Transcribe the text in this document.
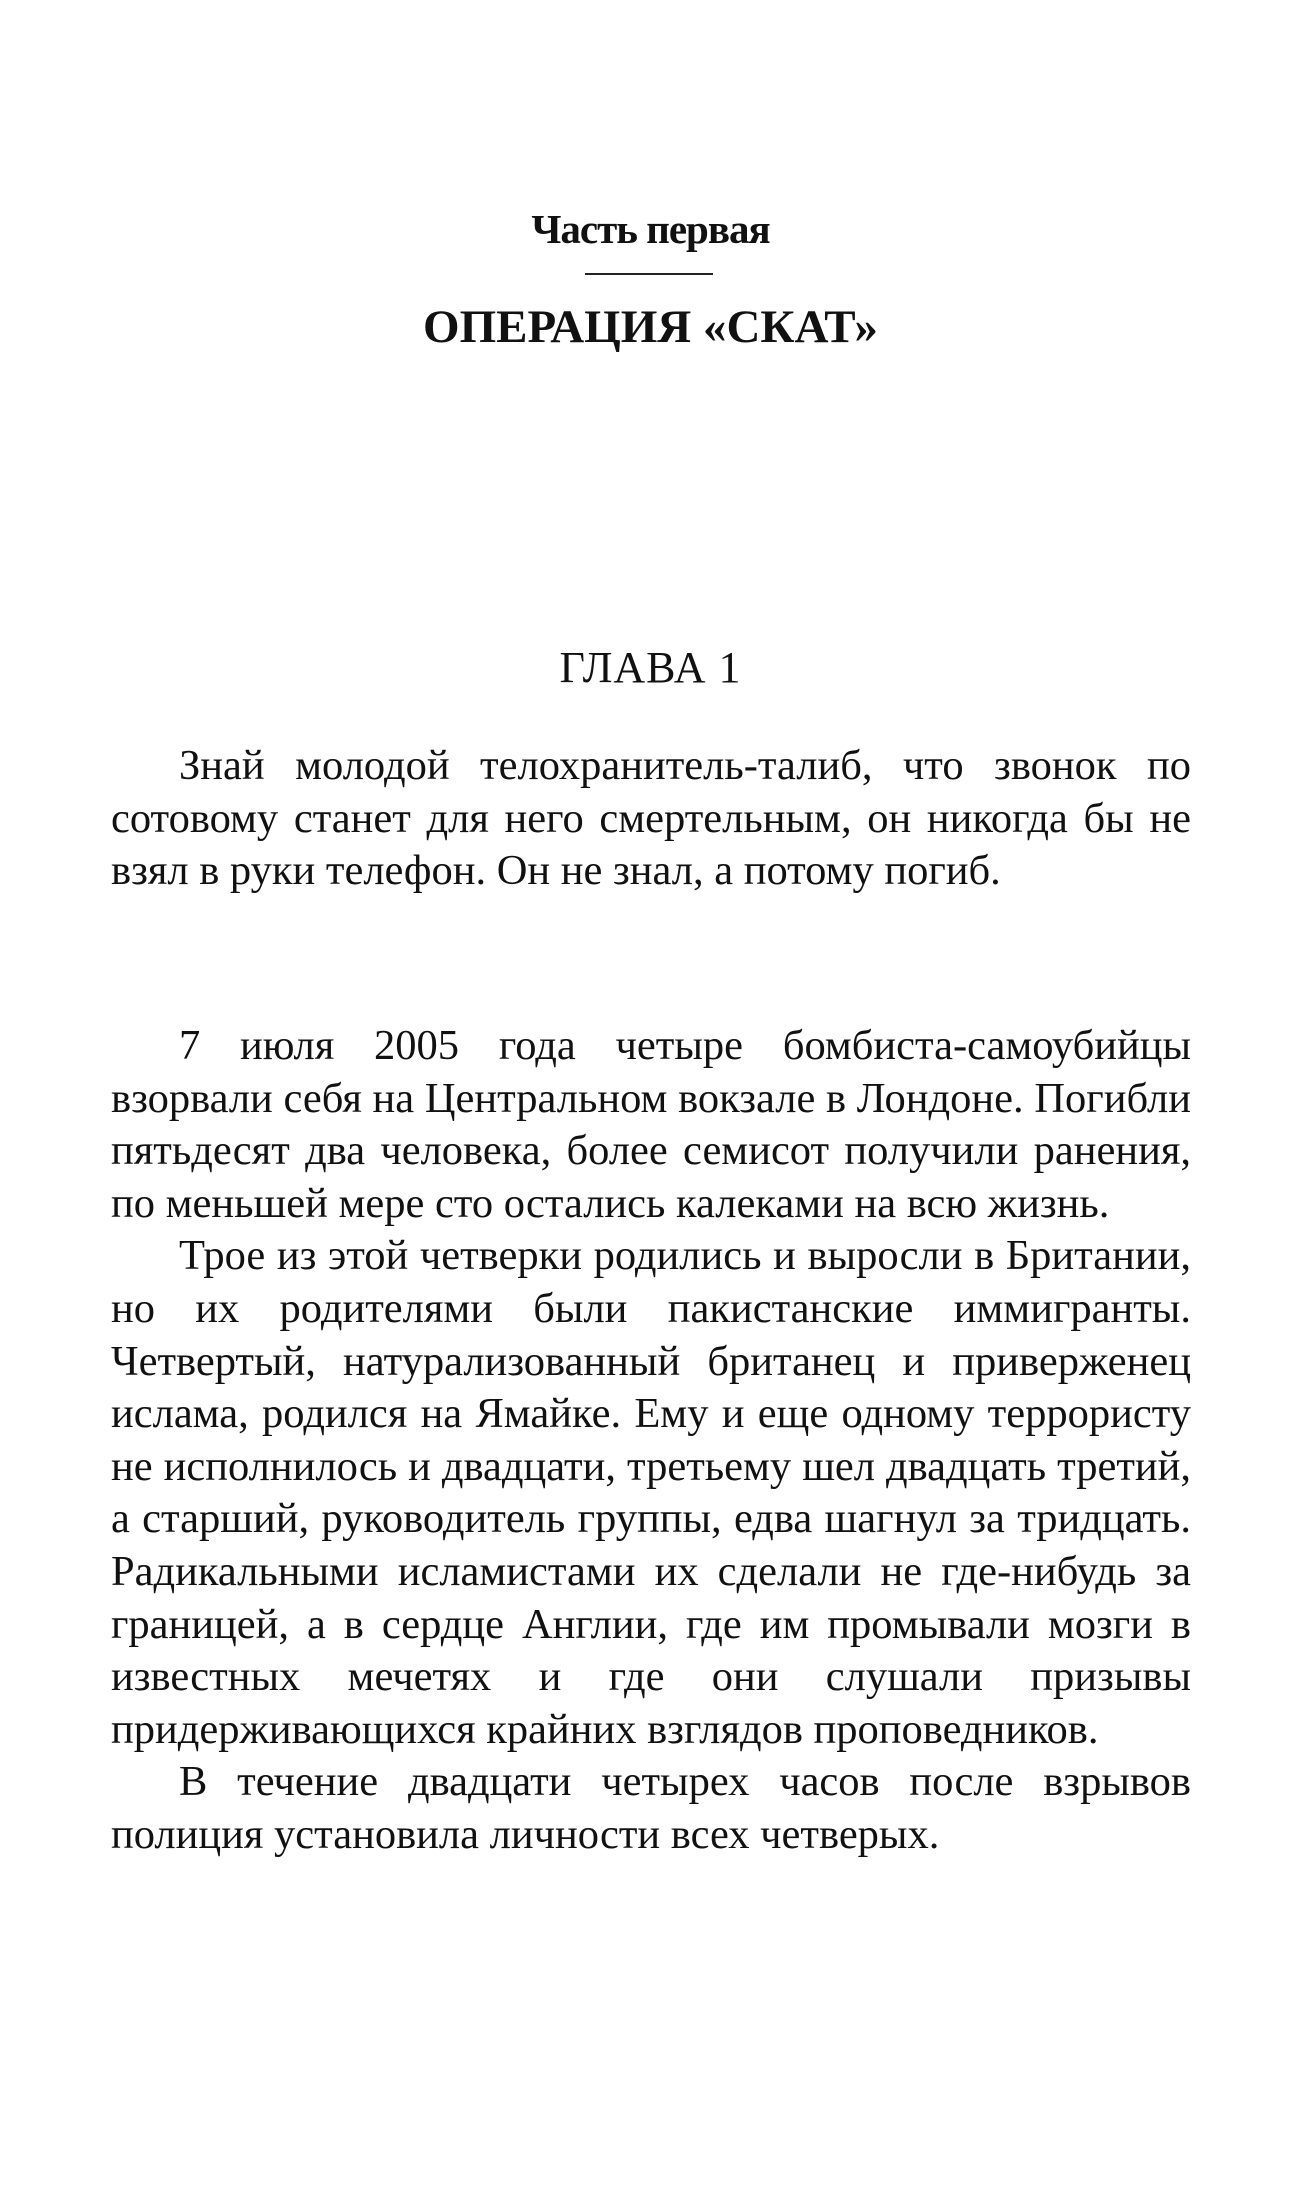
Часть первая
ОПЕРАЦИЯ «СКАТ»
ГЛАВА 1

Знай молодой телохранитель-талиб, что звонок по сотовому станет для него смертельным, он никогда бы не взял в руки телефон. Он не знал, а потому погиб.

7 июля 2005 года четыре бомбиста-самоубийцы взорвали себя на Центральном вокзале в Лондоне. Погибли пятьдесят два человека, более семисот получили ранения, по меньшей мере сто остались калеками на всю жизнь.

Трое из этой четверки родились и выросли в Британии, но их родителями были пакистанские иммигранты. Четвертый, натурализованный британец и приверженец ислама, родился на Ямайке. Ему и еще одному террористу не исполнилось и двадцати, третьему шел двадцать третий, а старший, руководитель группы, едва шагнул за тридцать. Радикальными исламистами их сделали не где-нибудь за границей, а в сердце Англии, где им промывали мозги в известных мечетях и где они слушали призывы придерживающихся крайних взглядов проповедников.

В течение двадцати четырех часов после взрывов полиция установила личности всех четверых.
